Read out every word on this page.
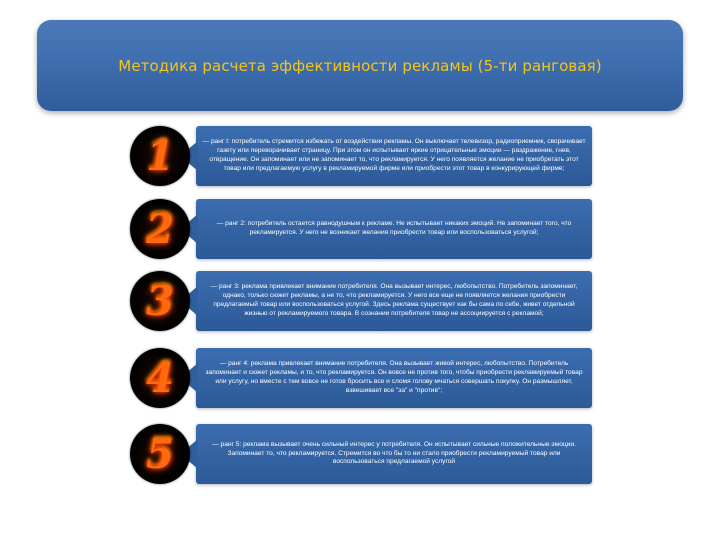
Методика расчета эффективности рекламы (5-ти ранговая)
1	— ранг I: потребитель стремится избежать от воздействия рекламы. Он выключает телевизор, радиоприемник, сворачивает газету или переворачивает страницу. При этом он испытывает яркие отрицательные эмоции — раздражение, гнев, отвращение. Он запоминает или не запоминает то, что рекламируется. У него появляется желание не приобретать этот товар или предлагаемую услугу в рекламируемой фирме или приобрести этот товар в конкурирующей фирме;
2	— ранг 2: потребитель остается равнодушным к рекламе. Не испытывает никаких эмоций. Не запоминает того, что рекламируется. У него не возникает желания приобрести товар или воспользоваться услугой;
3	— ранг 3: реклама привлекает внимание потребителя. Она вызывает интерес, любопытство. Потребитель запоминает, однако, только сюжет рекламы, а не то, что рекламируется. У него все еще не появляется желания приобрести предлагаемый товар или воспользоваться услугой. Здесь реклама существует как бы сама по себе, живет отдельной жизнью от рекламируемого товара. В сознании потребителя товар не ассоциируется с рекламой;
4	— ранг 4: реклама привлекает внимание потребителя. Она вызывает живой интерес, любопытство. Потребитель запоминает и сюжет рекламы, и то, что рекламируется. Он вовсе не против того, чтобы приобрести рекламируемый товар или услугу, но вместе с тем вовсе не готов бросить все и сломя голову мчаться совершать покупку. Он размышляет, взвешивает все "за" и "против";
5	— ранг 5: реклама вызывает очень сильный интерес у потребителя. Он испытывает сильные положительные эмоции. Запоминает то, что рекламируется. Стремится во что бы то ни стало приобрести рекламируемый товар или воспользоваться предлагаемой услугой
